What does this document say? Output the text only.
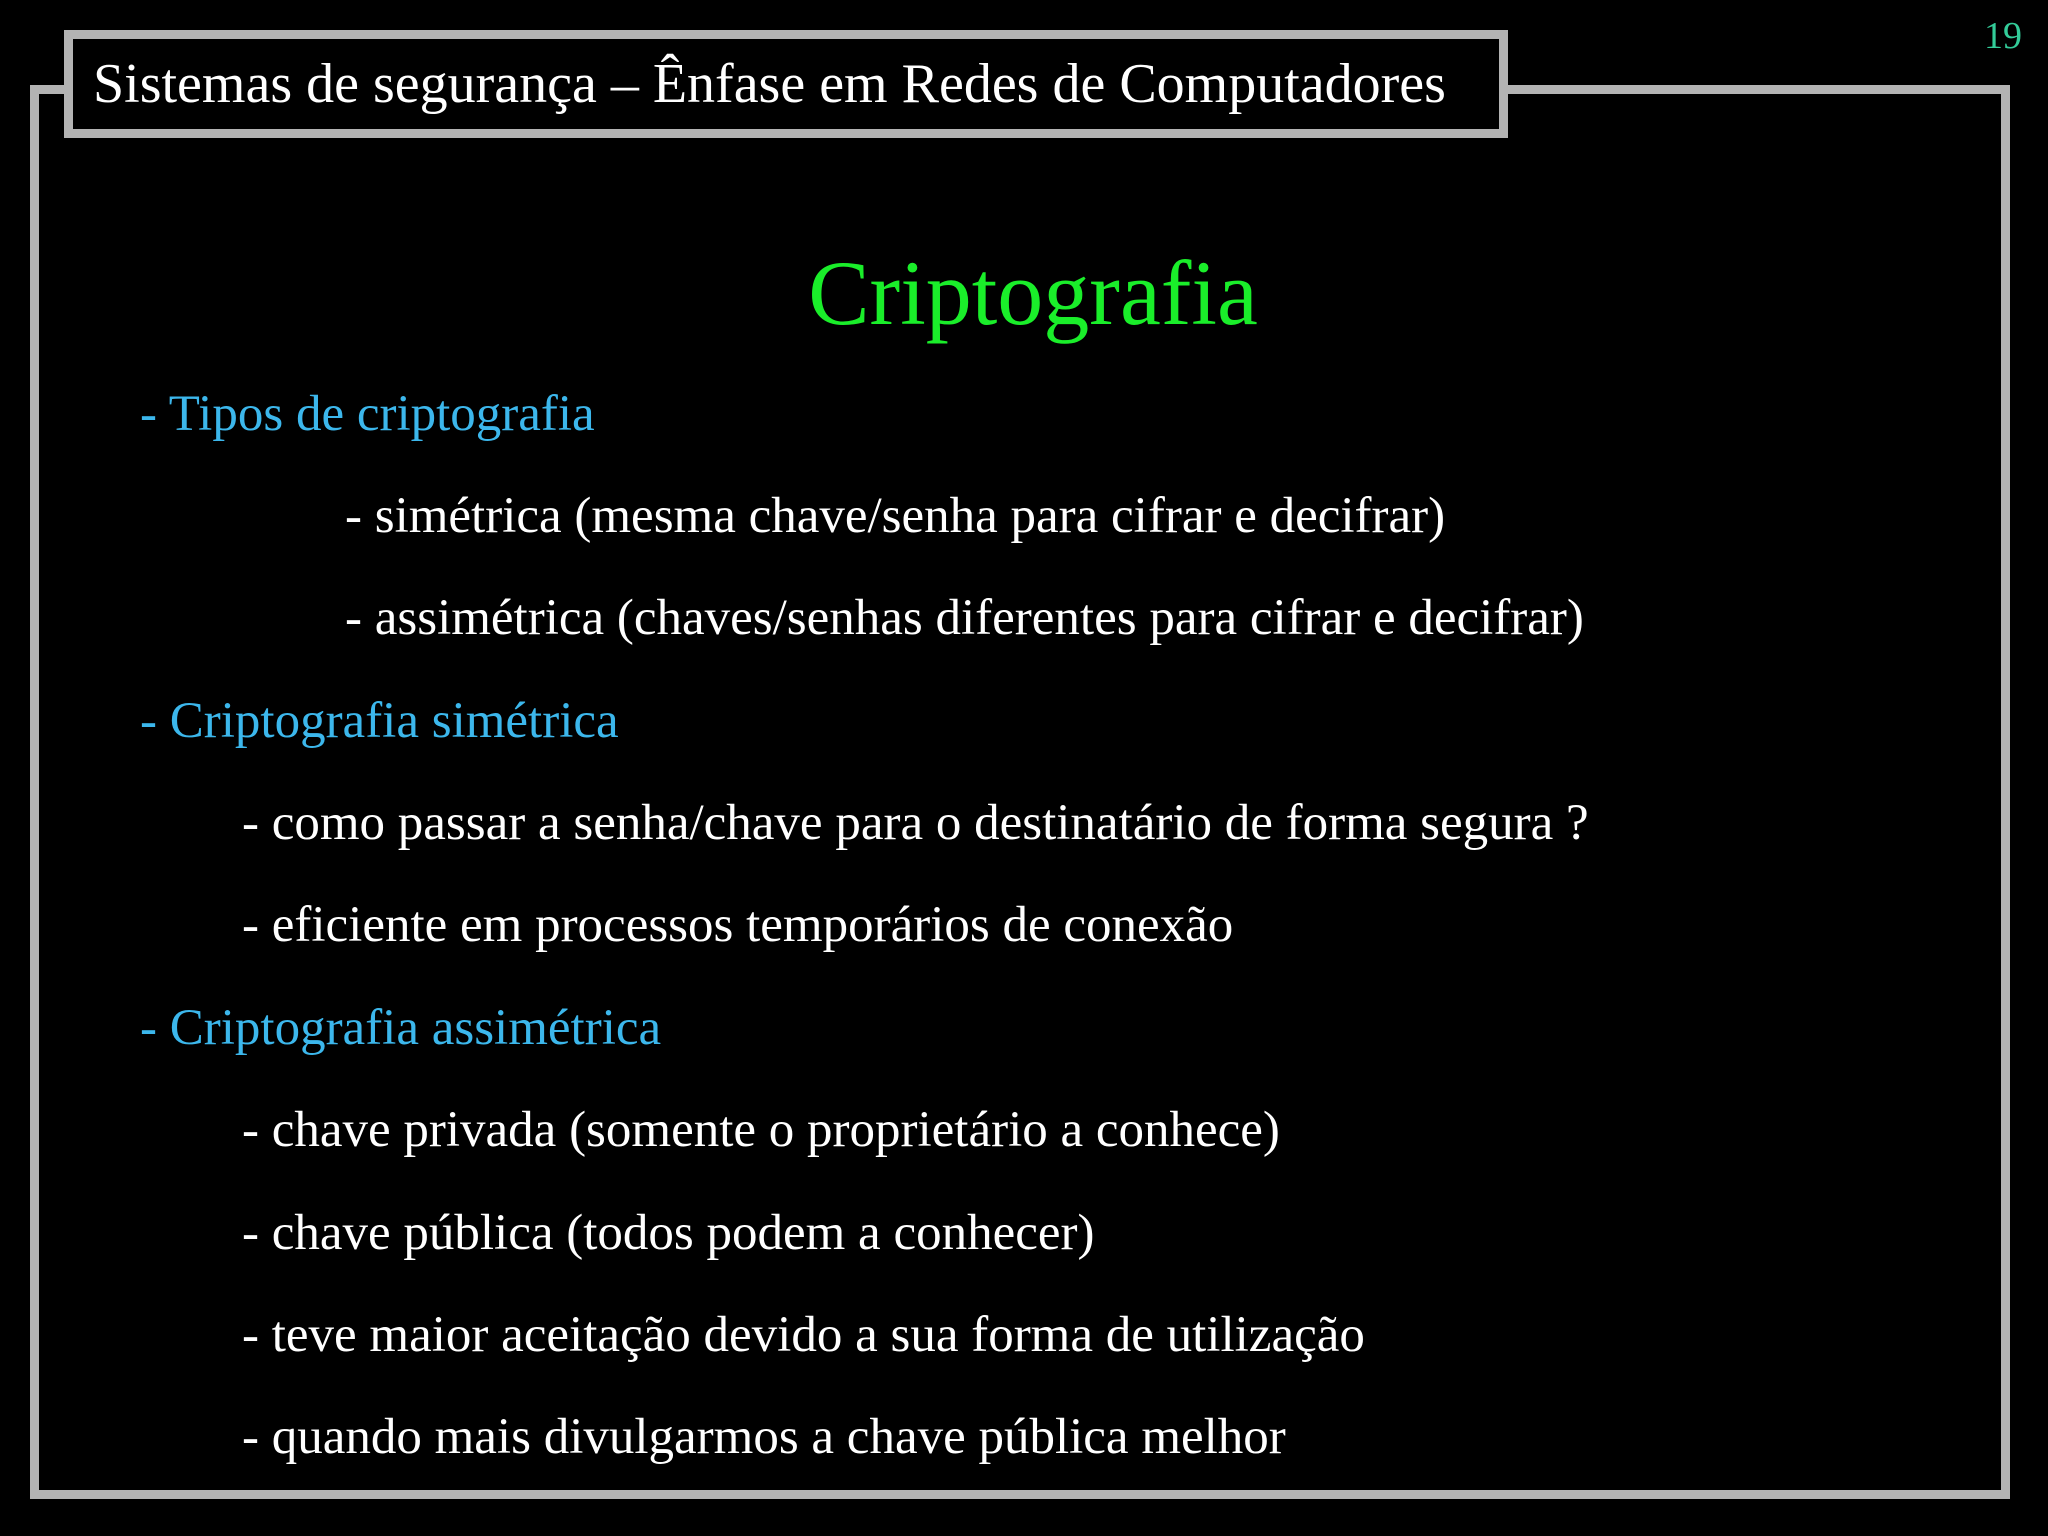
Sistemas de segurança – Ênfase em Redes de Computadores
19
Criptografia
- Tipos de criptografia
- simétrica (mesma chave/senha para cifrar e decifrar)
- assimétrica (chaves/senhas diferentes para cifrar e decifrar)
- Criptografia simétrica
- como passar a senha/chave para o destinatário de forma segura ?
- eficiente em processos temporários de conexão
- Criptografia assimétrica
- chave privada (somente o proprietário a conhece)
- chave pública (todos podem a conhecer)
- teve maior aceitação devido a sua forma de utilização
- quando mais divulgarmos a chave pública melhor
